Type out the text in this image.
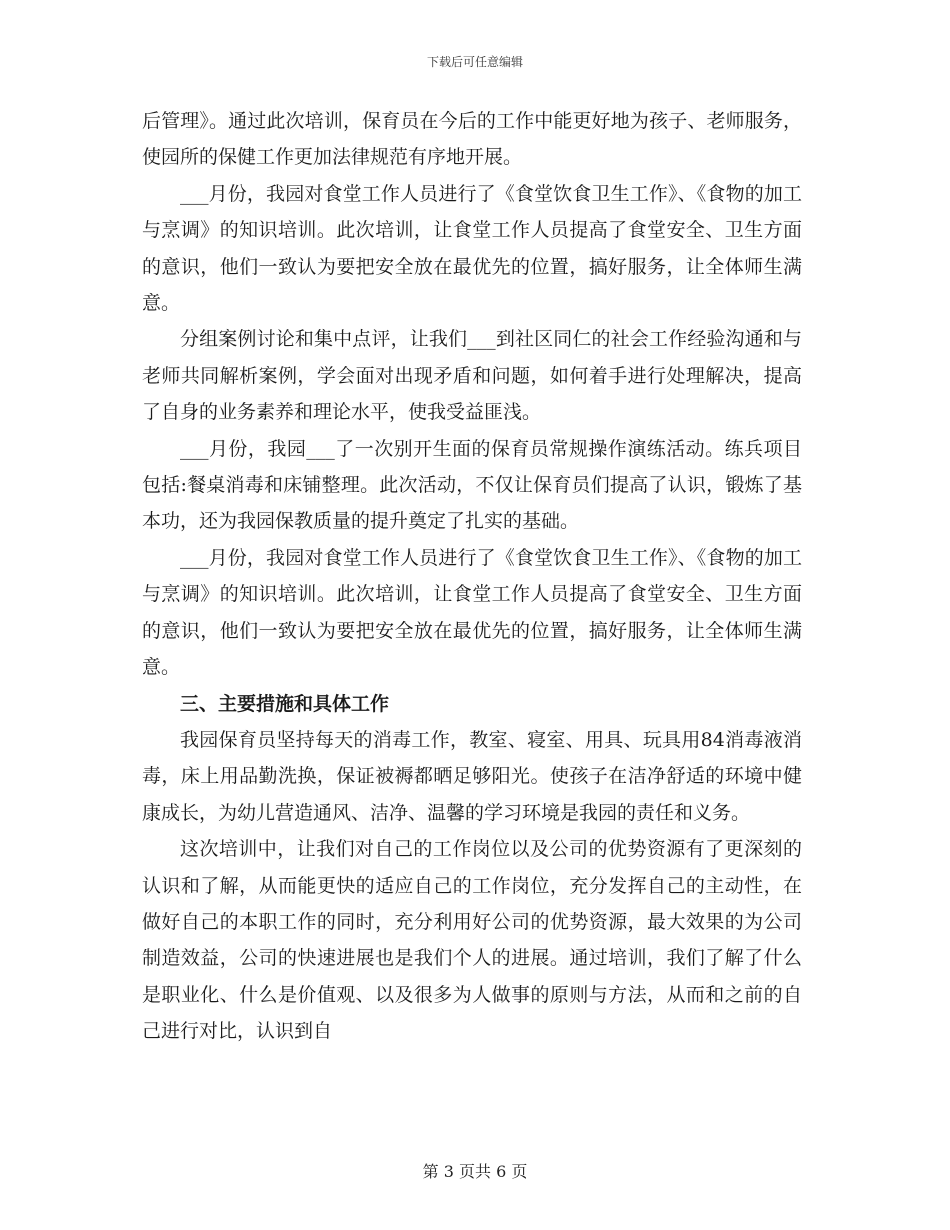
下载后可任意编辑

后管理》。通过此次培训，保育员在今后的工作中能更好地为孩子、老师服务，使园所的保健工作更加法律规范有序地开展。

___月份，我园对食堂工作人员进行了《食堂饮食卫生工作》、《食物的加工与烹调》的知识培训。此次培训，让食堂工作人员提高了食堂安全、卫生方面的意识，他们一致认为要把安全放在最优先的位置，搞好服务，让全体师生满意。

分组案例讨论和集中点评，让我们___到社区同仁的社会工作经验沟通和与老师共同解析案例，学会面对出现矛盾和问题，如何着手进行处理解决，提高了自身的业务素养和理论水平，使我受益匪浅。

___月份，我园___了一次别开生面的保育员常规操作演练活动。练兵项目包括:餐桌消毒和床铺整理。此次活动，不仅让保育员们提高了认识，锻炼了基本功，还为我园保教质量的提升奠定了扎实的基础。

___月份，我园对食堂工作人员进行了《食堂饮食卫生工作》、《食物的加工与烹调》的知识培训。此次培训，让食堂工作人员提高了食堂安全、卫生方面的意识，他们一致认为要把安全放在最优先的位置，搞好服务，让全体师生满意。

三、主要措施和具体工作

我园保育员坚持每天的消毒工作，教室、寝室、用具、玩具用84消毒液消毒，床上用品勤洗换，保证被褥都晒足够阳光。使孩子在洁净舒适的环境中健康成长，为幼儿营造通风、洁净、温馨的学习环境是我园的责任和义务。

这次培训中，让我们对自己的工作岗位以及公司的优势资源有了更深刻的认识和了解，从而能更快的适应自己的工作岗位，充分发挥自己的主动性，在做好自己的本职工作的同时，充分利用好公司的优势资源，最大效果的为公司制造效益，公司的快速进展也是我们个人的进展。通过培训，我们了解了什么是职业化、什么是价值观、以及很多为人做事的原则与方法，从而和之前的自己进行对比，认识到自

第 3 页共 6 页
